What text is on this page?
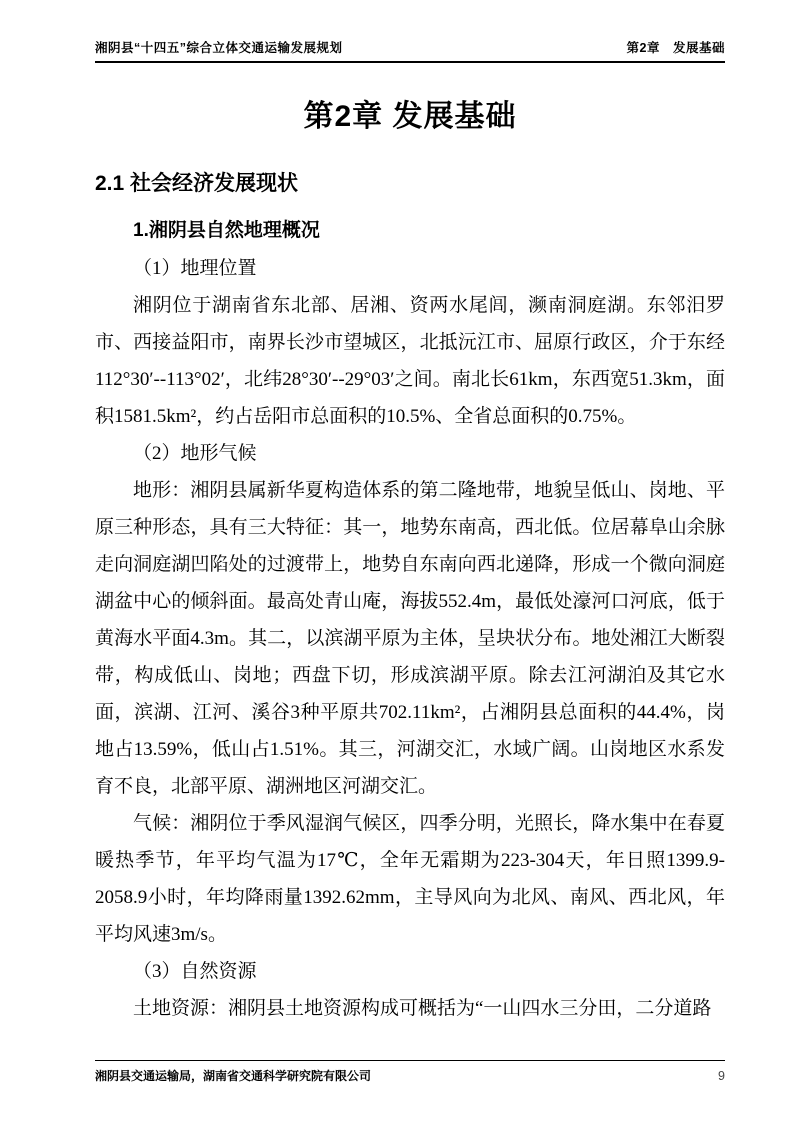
湘阴县“十四五”综合立体交通运输发展规划	第2章　发展基础
第2章 发展基础
2.1 社会经济发展现状
1.湘阴县自然地理概况

（1）地理位置

湘阴位于湖南省东北部、居湘、资两水尾闾，濒南洞庭湖。东邻汨罗市、西接益阳市，南界长沙市望城区，北抵沅江市、屈原行政区，介于东经112°30′--113°02′，北纬28°30′--29°03′之间。南北长61km，东西宽51.3km，面积1581.5km²，约占岳阳市总面积的10.5%、全省总面积的0.75%。

（2）地形气候

地形：湘阴县属新华夏构造体系的第二隆地带，地貌呈低山、岗地、平原三种形态，具有三大特征：其一，地势东南高，西北低。位居幕阜山余脉走向洞庭湖凹陷处的过渡带上，地势自东南向西北递降，形成一个微向洞庭湖盆中心的倾斜面。最高处青山庵，海拔552.4m，最低处濠河口河底，低于黄海水平面4.3m。其二，以滨湖平原为主体，呈块状分布。地处湘江大断裂带，构成低山、岗地；西盘下切，形成滨湖平原。除去江河湖泊及其它水面，滨湖、江河、溪谷3种平原共702.11km²，占湘阴县总面积的44.4%，岗地占13.59%，低山占1.51%。其三，河湖交汇，水域广阔。山岗地区水系发育不良，北部平原、湖洲地区河湖交汇。

气候：湘阴位于季风湿润气候区，四季分明，光照长，降水集中在春夏暖热季节，年平均气温为17℃，全年无霜期为223-304天，年日照1399.9-2058.9小时，年均降雨量1392.62mm，主导风向为北风、南风、西北风，年平均风速3m/s。

（3）自然资源

土地资源：湘阴县土地资源构成可概括为“一山四水三分田，二分道路

湘阴县交通运输局，湖南省交通科学研究院有限公司	9
